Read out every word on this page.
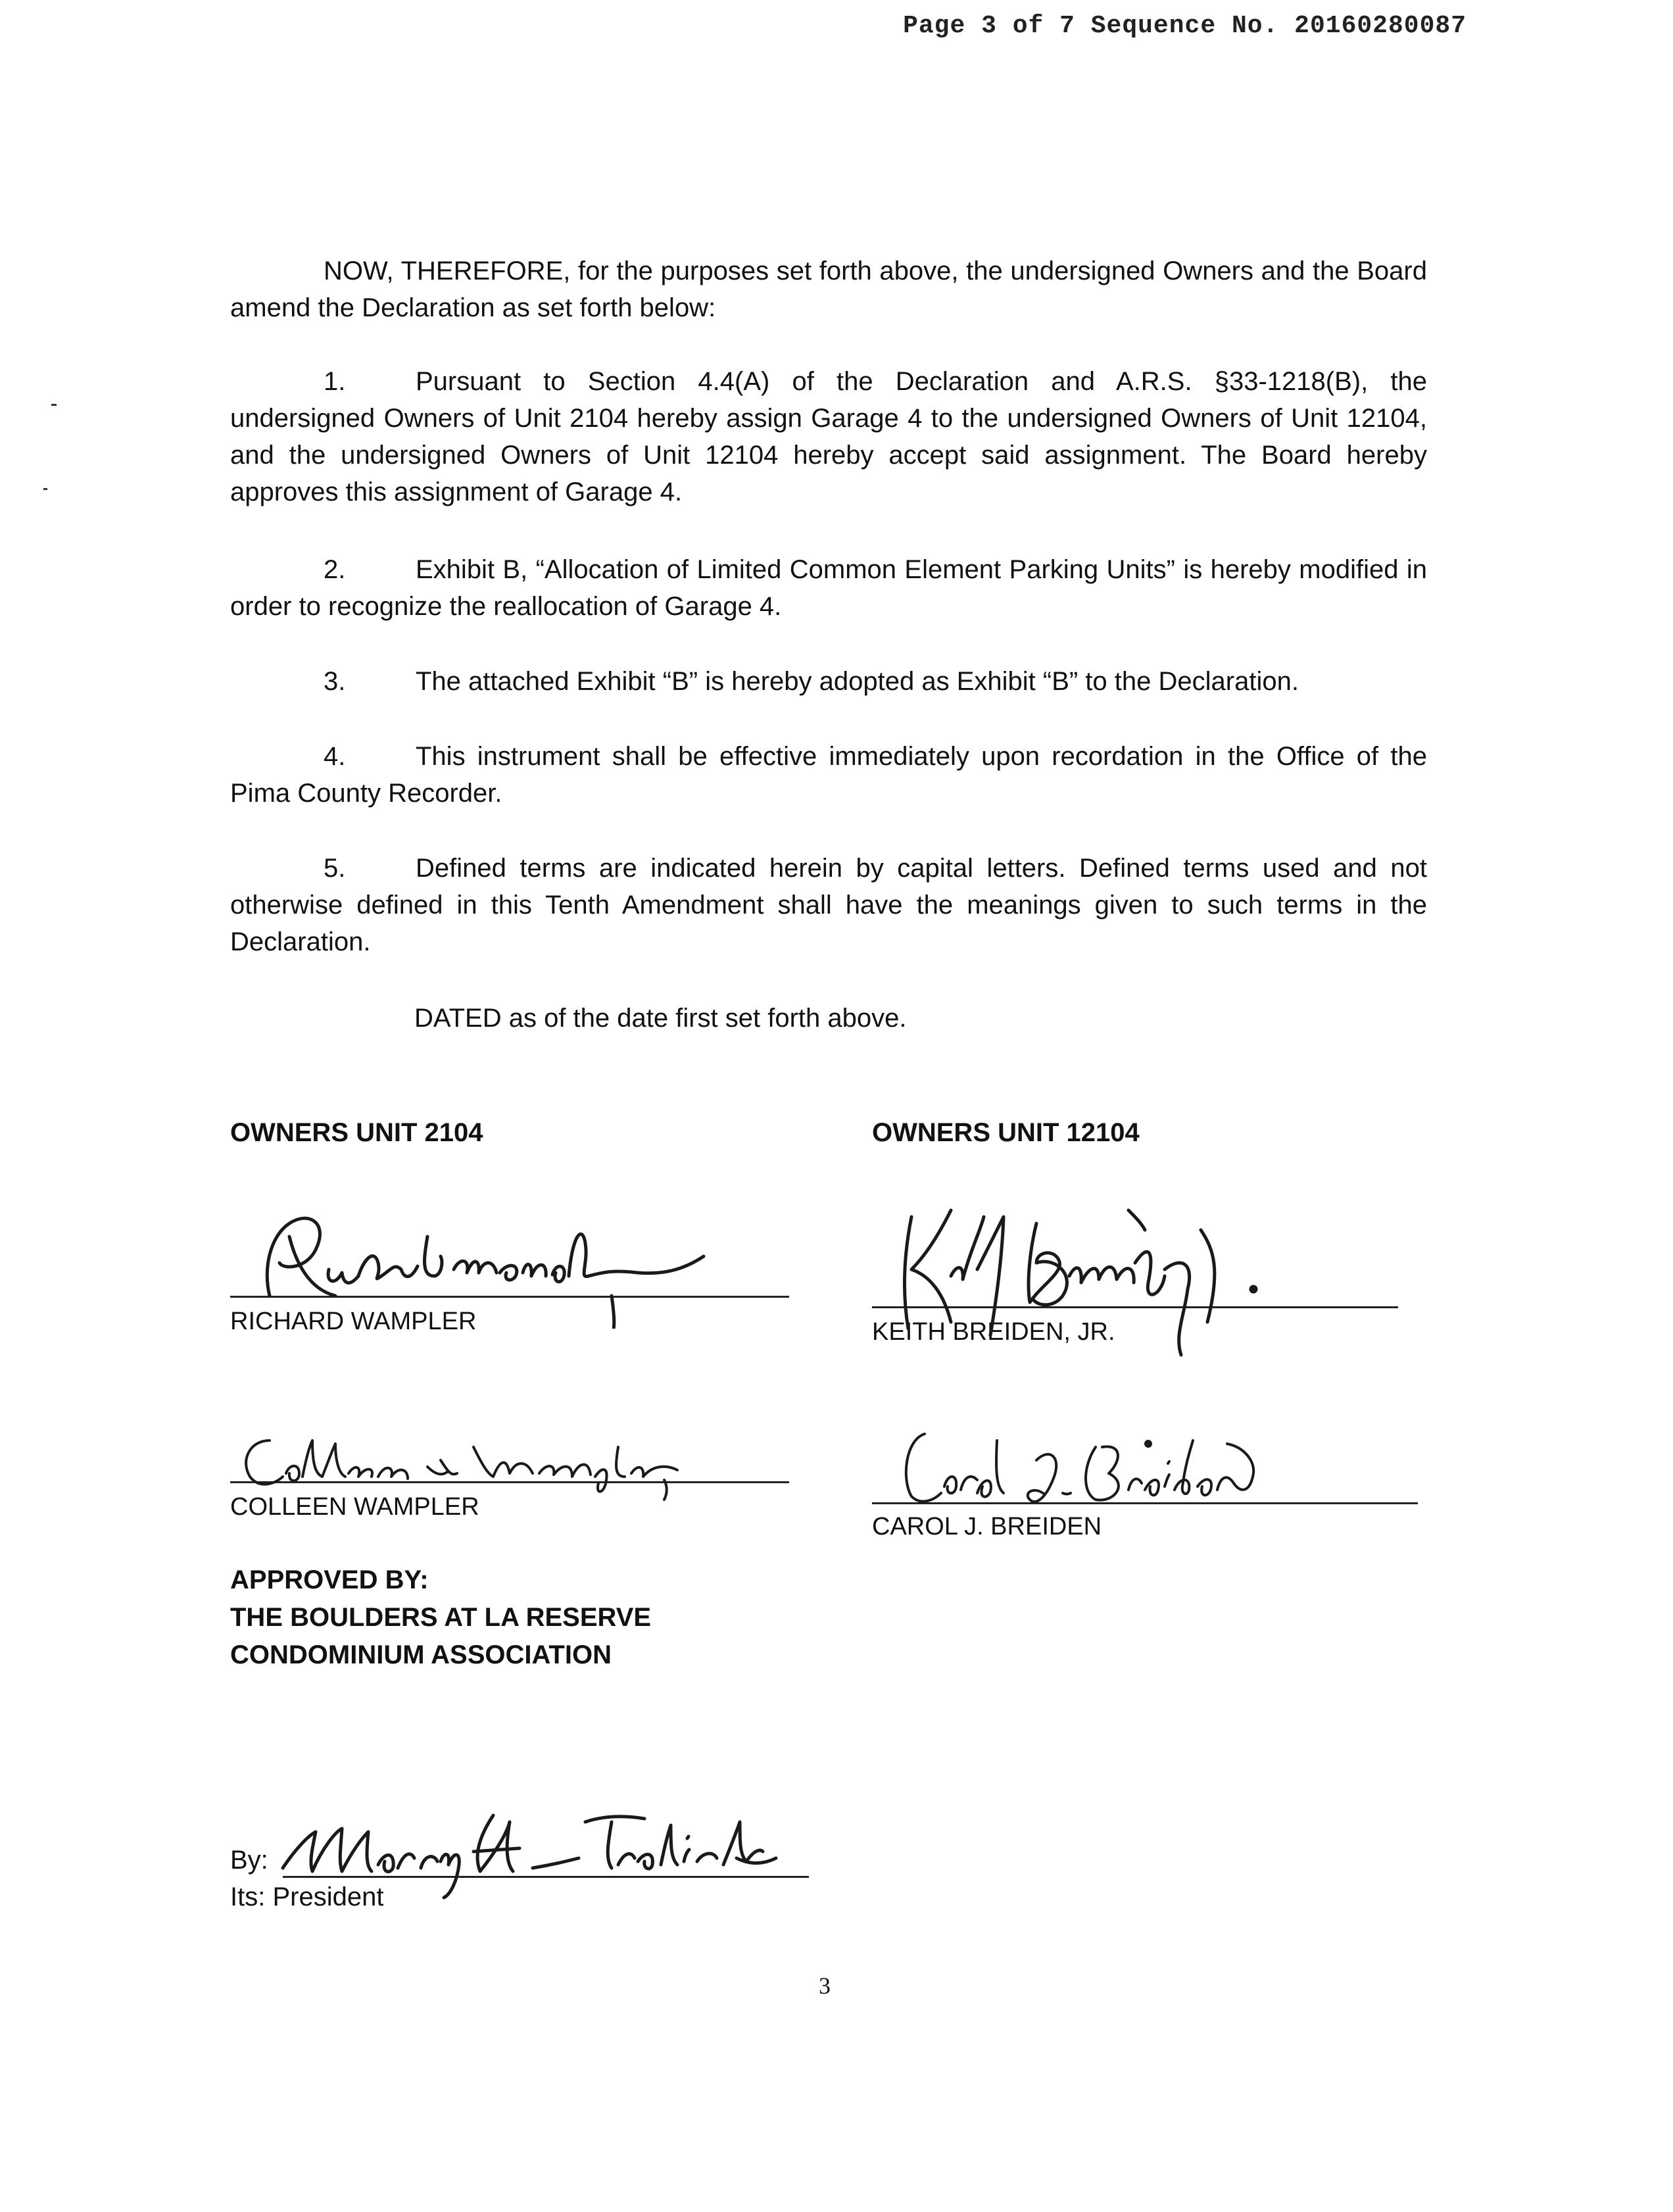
Page 3 of 7 Sequence No. 20160280087
NOW, THEREFORE, for the purposes set forth above, the undersigned Owners and the Board amend the Declaration as set forth below:
1.	Pursuant to Section 4.4(A) of the Declaration and A.R.S. §33-1218(B), the undersigned Owners of Unit 2104 hereby assign Garage 4 to the undersigned Owners of Unit 12104, and the undersigned Owners of Unit 12104 hereby accept said assignment. The Board hereby approves this assignment of Garage 4.
2.	Exhibit B, “Allocation of Limited Common Element Parking Units” is hereby modified in order to recognize the reallocation of Garage 4.
3.	The attached Exhibit “B” is hereby adopted as Exhibit “B” to the Declaration.
4.	This instrument shall be effective immediately upon recordation in the Office of the Pima County Recorder.
5.	Defined terms are indicated herein by capital letters. Defined terms used and not otherwise defined in this Tenth Amendment shall have the meanings given to such terms in the Declaration.
DATED as of the date first set forth above.
OWNERS UNIT 2104	OWNERS UNIT 12104
RICHARD WAMPLER	KEITH BREIDEN, JR.
COLLEEN WAMPLER
CAROL J. BREIDEN
APPROVED BY:
THE BOULDERS AT LA RESERVE
CONDOMINIUM ASSOCIATION
By:
Its: President
3
